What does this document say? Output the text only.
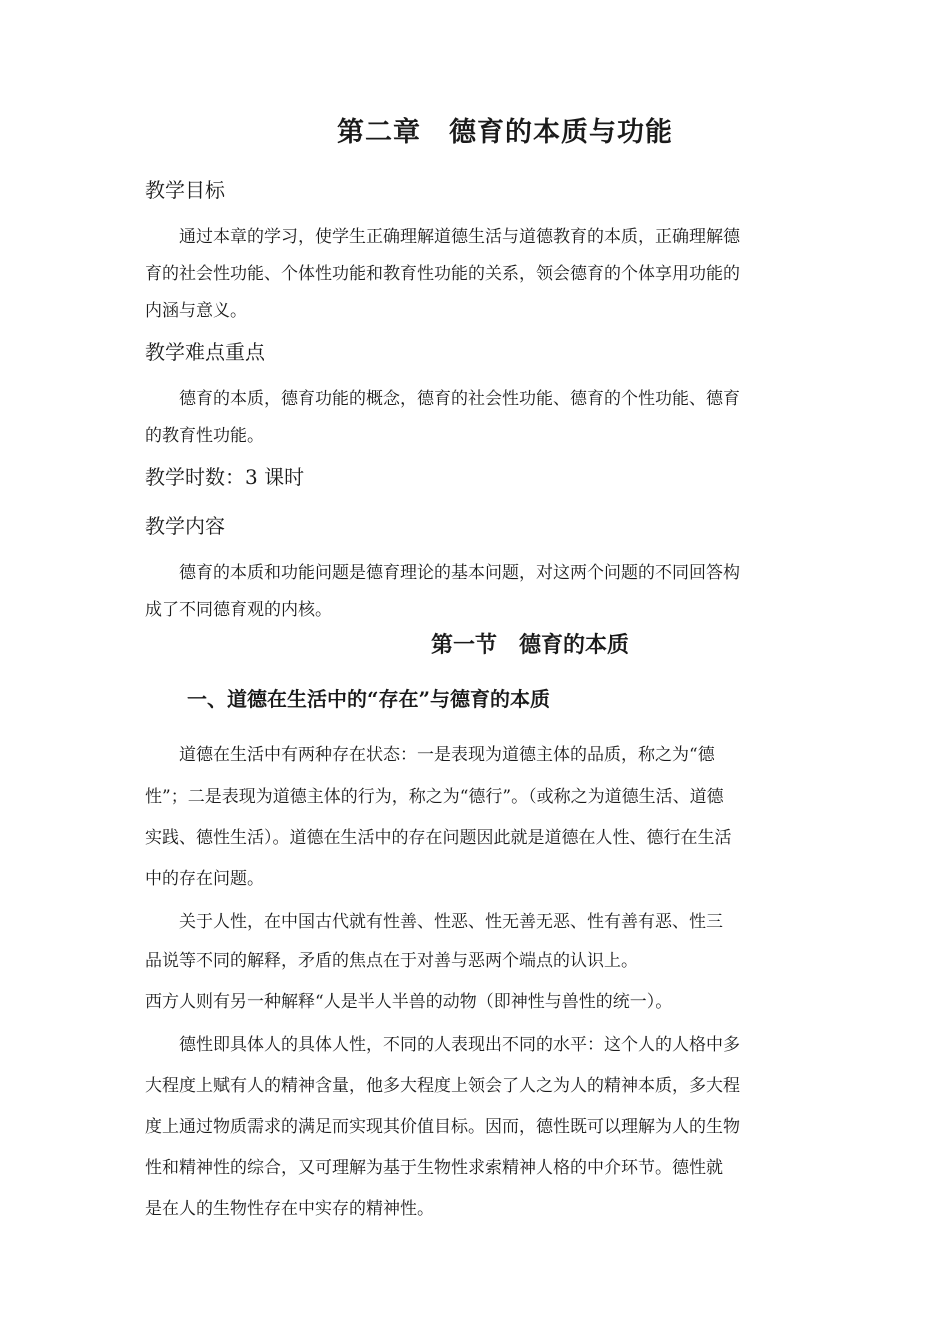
第二章　德育的本质与功能
教学目标
　　通过本章的学习，使学生正确理解道德生活与道德教育的本质，正确理解德
育的社会性功能、个体性功能和教育性功能的关系，领会德育的个体享用功能的
内涵与意义。
教学难点重点
　　德育的本质，德育功能的概念，德育的社会性功能、德育的个性功能、德育
的教育性功能。
教学时数：3 课时
教学内容
　　德育的本质和功能问题是德育理论的基本问题，对这两个问题的不同回答构
成了不同德育观的内核。
第一节　德育的本质
一、道德在生活中的“存在”与德育的本质
　　道德在生活中有两种存在状态：一是表现为道德主体的品质，称之为“德
性”；二是表现为道德主体的行为，称之为“德行”。（或称之为道德生活、道德
实践、德性生活）。道德在生活中的存在问题因此就是道德在人性、德行在生活
中的存在问题。
　　关于人性，在中国古代就有性善、性恶、性无善无恶、性有善有恶、性三
品说等不同的解释，矛盾的焦点在于对善与恶两个端点的认识上。
西方人则有另一种解释“人是半人半兽的动物（即神性与兽性的统一）。
　　德性即具体人的具体人性，不同的人表现出不同的水平：这个人的人格中多
大程度上赋有人的精神含量，他多大程度上领会了人之为人的精神本质，多大程
度上通过物质需求的满足而实现其价值目标。因而，德性既可以理解为人的生物
性和精神性的综合，又可理解为基于生物性求索精神人格的中介环节。德性就
是在人的生物性存在中实存的精神性。
